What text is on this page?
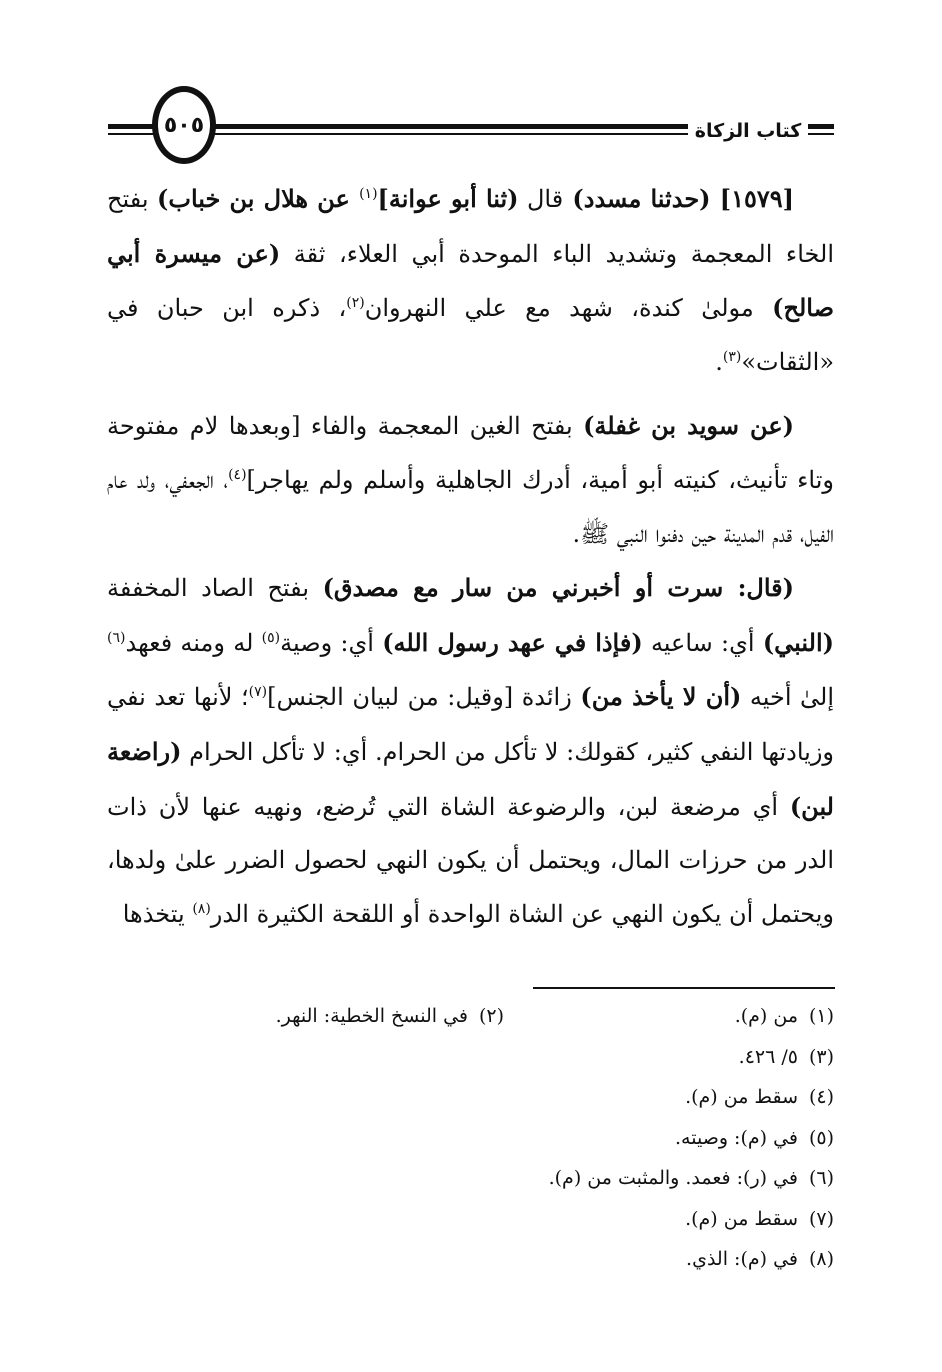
٥٠٥	كتاب الزكاة

[١٥٧٩] (حدثنا مسدد) قال (ثنا أبو عوانة]$^{(١)}$ عن هلال بن خباب) بفتح الخاء المعجمة وتشديد الباء الموحدة أبي العلاء، ثقة (عن ميسرة أبي صالح) مولىٰ كندة، شهد مع علي النهروان$^{(٢)}$، ذكره ابن حبان في «الثقات»$^{(٣)}$.

(عن سويد بن غفلة) بفتح الغين المعجمة والفاء [وبعدها لام مفتوحة وتاء تأنيث، كنيته أبو أمية، أدرك الجاهلية وأسلم ولم يهاجر]$^{(٤)}$، الجعفي، ولد عام الفيل، قدم المدينة حين دفنوا النبي ﷺ.

(قال: سرت أو أخبرني من سار مع مصدق) بفتح الصاد المخففة (النبي) أي: ساعيه (فإذا في عهد رسول الله) أي: وصية$^{(٥)}$ له ومنه فعهد$^{(٦)}$ إلىٰ أخيه (أن لا يأخذ من) زائدة [وقيل: من لبيان الجنس]$^{(٧)}$؛ لأنها تعد نفي وزيادتها النفي كثير، كقولك: لا تأكل من الحرام. أي: لا تأكل الحرام (راضعة لبن) أي مرضعة لبن، والرضوعة الشاة التي تُرضع، ونهيه عنها لأن ذات الدر من حرزات المال، ويحتمل أن يكون النهي لحصول الضرر علىٰ ولدها، ويحتمل أن يكون النهي عن الشاة الواحدة أو اللقحة الكثيرة الدر$^{(٨)}$ يتخذها

(١)من (م).
(٢)في النسخ الخطية: النهر.
(٣)٥/ ٤٢٦.
(٤)سقط من (م).
(٥)في (م): وصيته.
(٦)في (ر): فعمد. والمثبت من (م).
(٧)سقط من (م).
(٨)في (م): الذي.
